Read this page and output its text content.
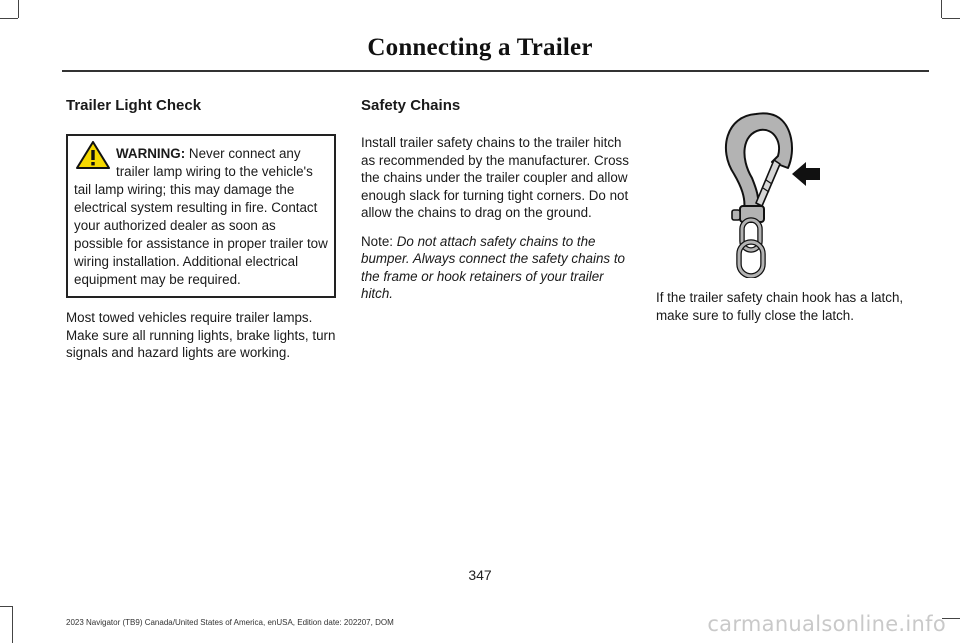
Connecting a Trailer
Trailer Light Check
WARNING: Never connect any trailer lamp wiring to the vehicle's tail lamp wiring; this may damage the electrical system resulting in fire. Contact your authorized dealer as soon as possible for assistance in proper trailer tow wiring installation. Additional electrical equipment may be required.

Most towed vehicles require trailer lamps. Make sure all running lights, brake lights, turn signals and hazard lights are working.

Safety Chains

Install trailer safety chains to the trailer hitch as recommended by the manufacturer. Cross the chains under the trailer coupler and allow enough slack for turning tight corners. Do not allow the chains to drag on the ground.

Note: Do not attach safety chains to the bumper. Always connect the safety chains to the frame or hook retainers of your trailer hitch.	If the trailer safety chain hook has a latch, make sure to fully close the latch.

347
2023 Navigator (TB9) Canada/United States of America, enUSA, Edition date: 202207, DOM	carmanualsonline.info
